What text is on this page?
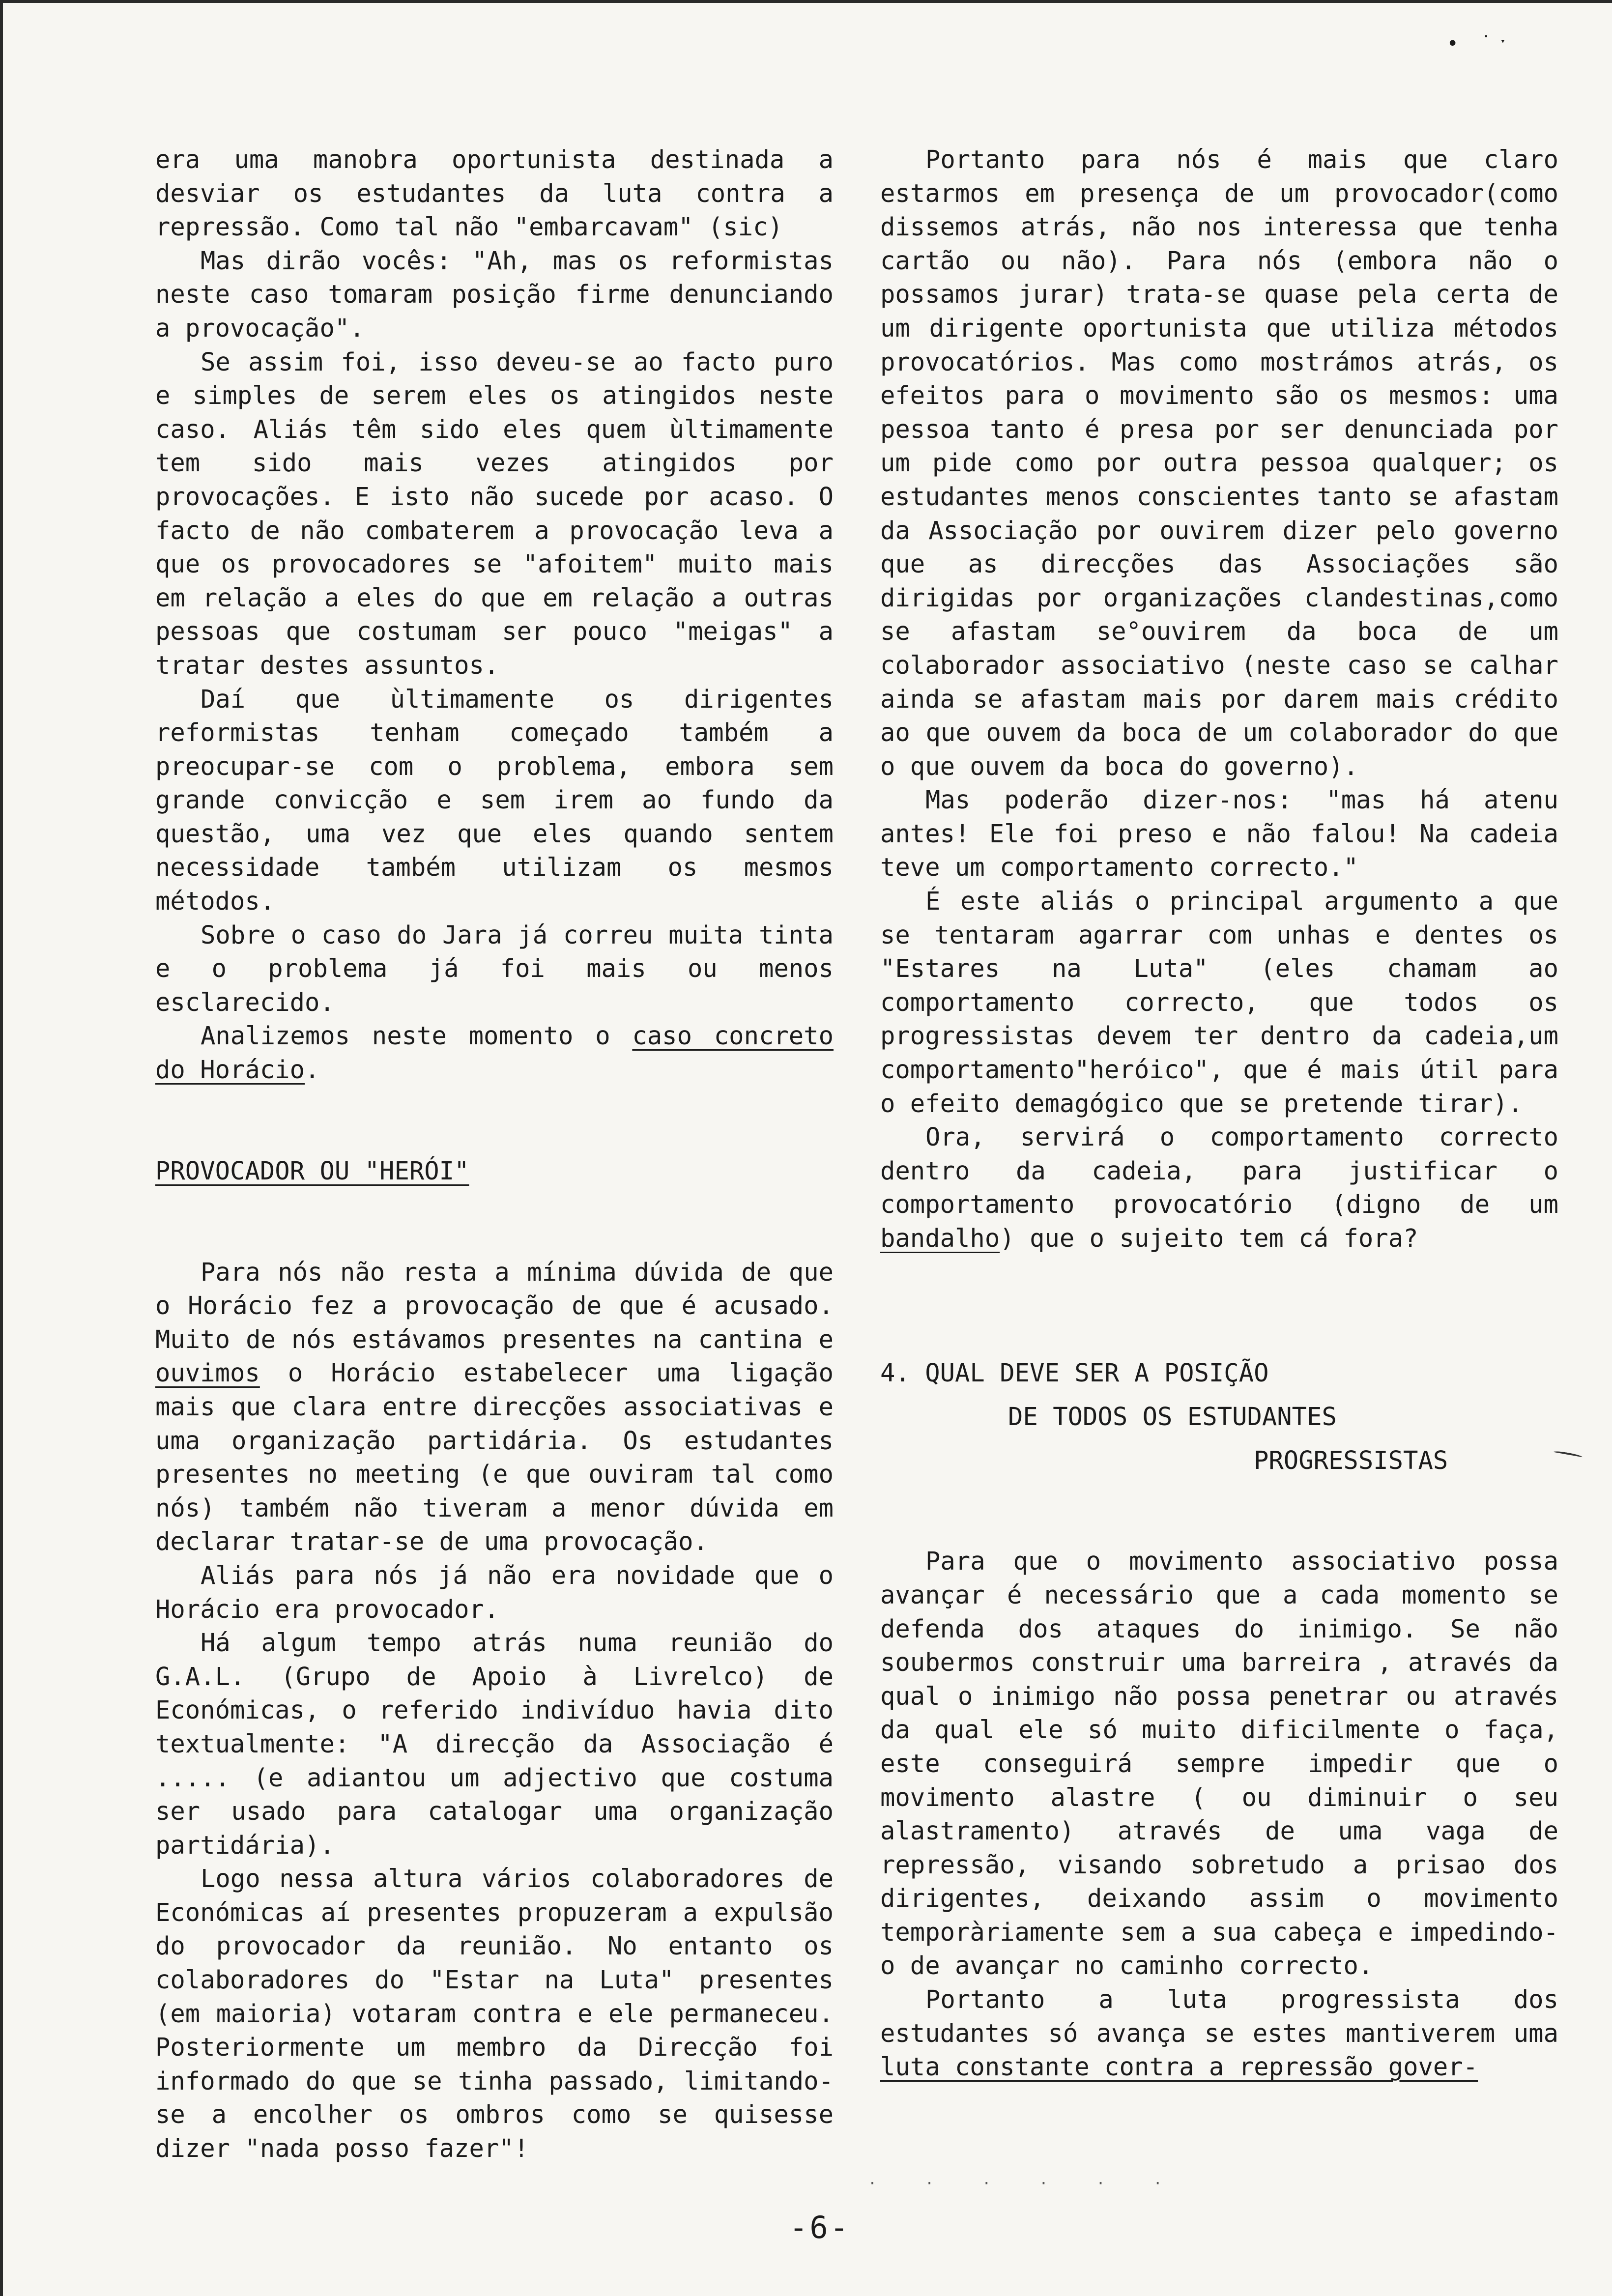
• ˙ˑ

era uma manobra oportunista destinada a desviar os estudantes da luta contra a repressão. Como tal não "embarcavam" (sic)

Mas dirão vocês: "Ah, mas os reformistas neste caso tomaram posição firme denunciando a provocação".

Se assim foi, isso deveu-se ao facto puro e simples de serem eles os atingidos neste caso. Aliás têm sido eles quem ùltimamente tem sido mais vezes atingidos por provocações. E isto não sucede por acaso. O facto de não combaterem a provocação leva a que os provocadores se "afoitem" muito mais em relação a eles do que em relação a outras pessoas que costumam ser pouco "meigas" a tratar destes assuntos.

Daí que ùltimamente os dirigentes reformistas tenham começado também a preocupar-se com o problema, embora sem grande convicção e sem irem ao fundo da questão, uma vez que eles quando sentem necessidade também utilizam os mesmos métodos.

Sobre o caso do Jara já correu muita tinta e o problema já foi mais ou menos esclarecido.

Analizemos neste momento o caso concreto do Horácio.

PROVOCADOR OU "HERÓI"

Para nós não resta a mínima dúvida de que o Horácio fez a provocação de que é acusado. Muito de nós estávamos presentes na cantina e ouvimos o Horácio estabelecer uma ligação mais que clara entre direcções associativas e uma organização partidária. Os estudantes presentes no meeting (e que ouviram tal como nós) também não tiveram a menor dúvida em declarar tratar-se de uma provocação.

Aliás para nós já não era novidade que o Horácio era provocador.

Há algum tempo atrás numa reunião do G.A.L. (Grupo de Apoio à Livrelco) de Económicas, o referido indivíduo havia dito textualmente: "A direcção da Associação é ..... (e adiantou um adjectivo que costuma ser usado para catalogar uma organização partidária).

Logo nessa altura vários colaboradores de Económicas aí presentes propuzeram a expulsão do provocador da reunião. No entanto os colaboradores do "Estar na Luta" presentes (em maioria) votaram contra e ele permaneceu. Posteriormente um membro da Direcção foi informado do que se tinha passado, limitando-se a encolher os ombros como se quisesse dizer "nada posso fazer"!

Portanto para nós é mais que claro estarmos em presença de um provocador(como dissemos atrás, não nos interessa que tenha cartão ou não). Para nós (embora não o possamos jurar) trata-se quase pela certa de um dirigente oportunista que utiliza métodos provocatórios. Mas como mostrámos atrás, os efeitos para o movimento são os mesmos: uma pessoa tanto é presa por ser denunciada por um pide como por outra pessoa qualquer; os estudantes menos conscientes tanto se afastam da Associação por ouvirem dizer pelo governo que as direcções das Associações são dirigidas por organizações clandestinas,como se afastam se°ouvirem da boca de um colaborador associativo (neste caso se calhar ainda se afastam mais por darem mais crédito ao que ouvem da boca de um colaborador do que o que ouvem da boca do governo).

Mas poderão dizer-nos: "mas há atenu antes! Ele foi preso e não falou! Na cadeia teve um comportamento correcto."

É este aliás o principal argumento a que se tentaram agarrar com unhas e dentes os "Estares na Luta" (eles chamam ao comportamento correcto, que todos os progressistas devem ter dentro da cadeia,um comportamento"heróico", que é mais útil para o efeito demagógico que se pretende tirar).

Ora, servirá o comportamento correcto dentro da cadeia, para justificar o comportamento provocatório (digno de um bandalho) que o sujeito tem cá fora?

4. QUAL DEVE SER A POSIÇÃO
DE TODOS OS ESTUDANTES
PROGRESSISTAS

Para que o movimento associativo possa avançar é necessário que a cada momento se defenda dos ataques do inimigo. Se não soubermos construir uma barreira , através da qual o inimigo não possa penetrar ou através da qual ele só muito dificilmente o faça, este conseguirá sempre impedir que o movimento alastre ( ou diminuir o seu alastramento) através de uma vaga de repressão, visando sobretudo a prisao dos dirigentes, deixando assim o movimento temporàriamente sem a sua cabeça e impedindo-o de avançar no caminho correcto.

Portanto a luta progressista dos estudantes só avança se estes mantiverem uma luta constante contra a repressão gover-

· · · · · ·
-6-
